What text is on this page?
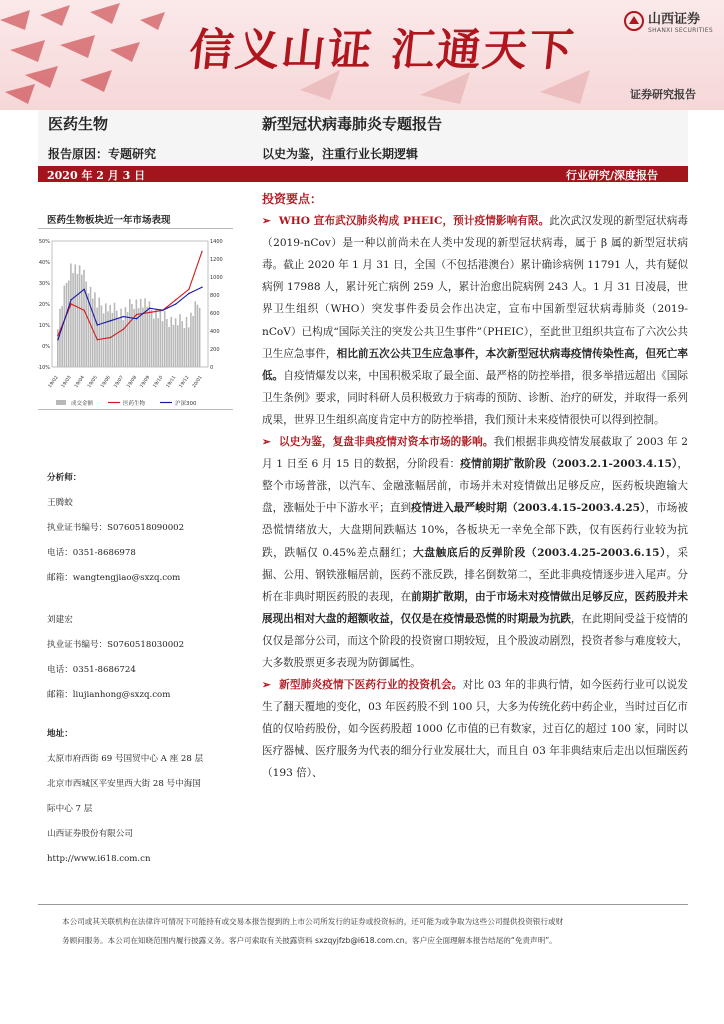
信义山证 汇通天下
山西证券
SHANXI SECURITIES
证券研究报告
医药生物	新型冠状病毒肺炎专题报告
报告原因：专题研究	以史为鉴，注重行业长期逻辑
2020 年 2 月 3 日	行业研究/深度报告
医药生物板块近一年市场表现
50%
40%
30%
20%
10%
0%
-10%
1400
1200
1000
800
600
400
200
0
19/02 19/03 19/04 19/05 19/06 19/07 19/08 19/09 19/10 19/11 19/12 20/01
成交金额	医药生物	沪深300
分析师：
王腾蛟
执业证书编号：S0760518090002
电话：0351-8686978
邮箱：wangtengjiao@sxzq.com
刘建宏
执业证书编号：S0760518030002
电话：0351-8686724
邮箱：liujianhong@sxzq.com
地址：
太原市府西街 69 号国贸中心 A 座 28 层
北京市西城区平安里西大街 28 号中海国
际中心 7 层
山西证券股份有限公司
http://www.i618.com.cn
投资要点：

➢ WHO 宣布武汉肺炎构成 PHEIC，预计疫情影响有限。此次武汉发现的新型冠状病毒（2019-nCov）是一种以前尚未在人类中发现的新型冠状病毒，属于 β 属的新型冠状病毒。截止 2020 年 1 月 31 日，全国（不包括港澳台）累计确诊病例 11791 人，共有疑似病例 17988 人，累计死亡病例 259 人，累计治愈出院病例 243 人。1 月 31 日凌晨，世界卫生组织（WHO）突发事件委员会作出决定，宣布中国新型冠状病毒肺炎（2019-nCoV）已构成“国际关注的突发公共卫生事件”（PHEIC），至此世卫组织共宣布了六次公共卫生应急事件，相比前五次公共卫生应急事件，本次新型冠状病毒疫情传染性高，但死亡率低。自疫情爆发以来，中国积极采取了最全面、最严格的防控举措，很多举措远超出《国际卫生条例》要求，同时科研人员积极致力于病毒的预防、诊断、治疗的研发，并取得一系列成果，世界卫生组织高度肯定中方的防控举措，我们预计未来疫情很快可以得到控制。

➢ 以史为鉴，复盘非典疫情对资本市场的影响。我们根据非典疫情发展截取了 2003 年 2 月 1 日至 6 月 15 日的数据，分阶段看：疫情前期扩散阶段（2003.2.1-2003.4.15），整个市场普涨，以汽车、金融涨幅居前，市场并未对疫情做出足够反应，医药板块跑输大盘，涨幅处于中下游水平；直到疫情进入最严峻时期（2003.4.15-2003.4.25），市场被恐慌情绪放大，大盘期间跌幅达 10%，各板块无一幸免全部下跌，仅有医药行业较为抗跌，跌幅仅 0.45%差点翻红；大盘触底后的反弹阶段（2003.4.25-2003.6.15），采掘、公用、钢铁涨幅居前，医药不涨反跌，排名倒数第二，至此非典疫情逐步进入尾声。分析在非典时期医药股的表现，在前期扩散期，由于市场未对疫情做出足够反应，医药股并未展现出相对大盘的超额收益，仅仅是在疫情最恐慌的时期最为抗跌，在此期间受益于疫情的仅仅是部分公司，而这个阶段的投资窗口期较短，且个股波动剧烈，投资者参与难度较大，大多数股票更多表现为防御属性。

➢ 新型肺炎疫情下医药行业的投资机会。对比 03 年的非典行情，如今医药行业可以说发生了翻天覆地的变化，03 年医药股不到 100 只，大多为传统化药中药企业，当时过百亿市值的仅哈药股份，如今医药股超 1000 亿市值的已有数家，过百亿的超过 100 家，同时以医疗器械、医疗服务为代表的细分行业发展壮大，而且自 03 年非典结束后走出以恒瑞医药（193 倍）、

本公司或其关联机构在法律许可情况下可能持有或交易本报告提到的上市公司所发行的证券或投资标的，还可能为或争取为这些公司提供投资银行或财
务顾问服务。本公司在知晓范围内履行披露义务。客户可索取有关披露资料 sxzqyjfzb@i618.com.cn。客户应全面理解本报告结尾的“免责声明”。
